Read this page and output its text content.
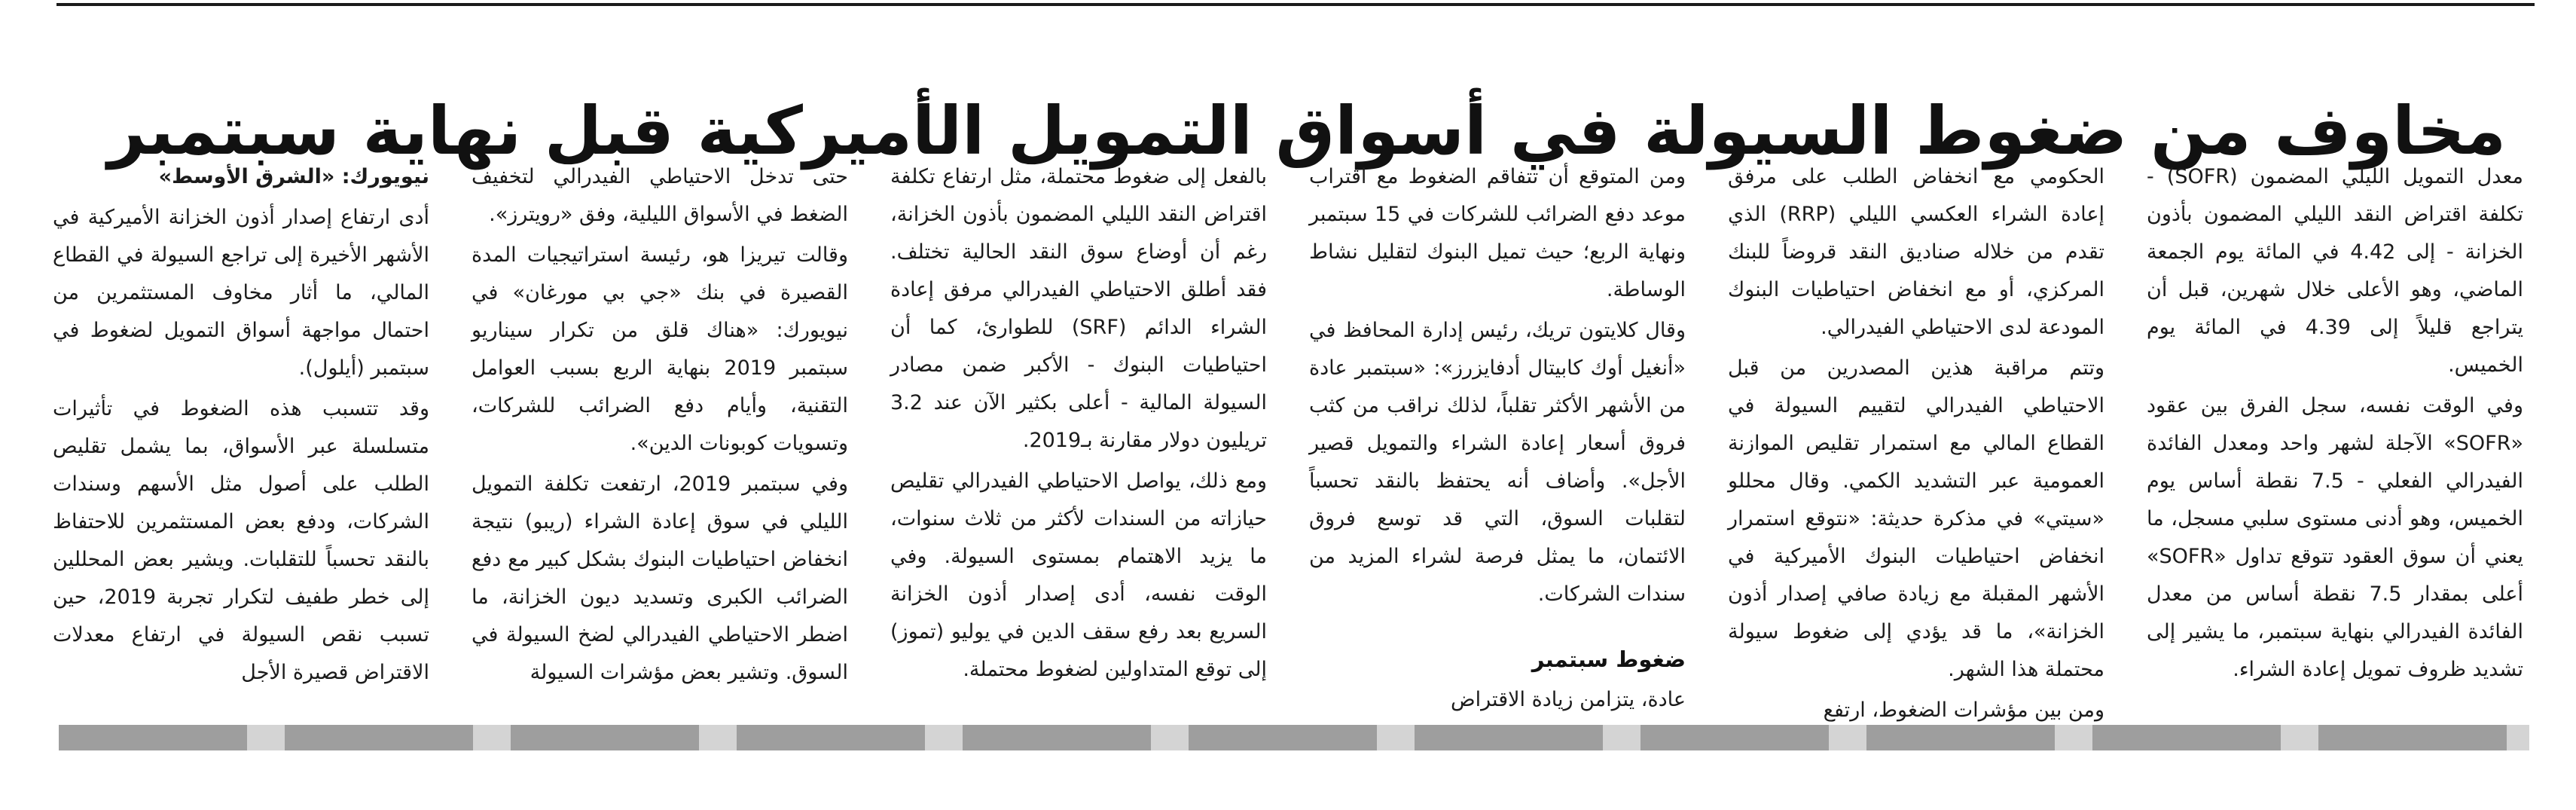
مخاوف من ضغوط السيولة في أسواق التمويل الأميركية قبل نهاية سبتمبر

نيويورك: «الشرق الأوسط»

أدى ارتفاع إصدار أذون الخزانة الأميركية في الأشهر الأخيرة إلى تراجع السيولة في القطاع المالي، ما أثار مخاوف المستثمرين من احتمال مواجهة أسواق التمويل لضغوط في سبتمبر (أيلول).

وقد تتسبب هذه الضغوط في تأثيرات متسلسلة عبر الأسواق، بما يشمل تقليص الطلب على أصول مثل الأسهم وسندات الشركات، ودفع بعض المستثمرين للاحتفاظ بالنقد تحسباً للتقلبات. ويشير بعض المحللين إلى خطر طفيف لتكرار تجربة 2019، حين تسبب نقص السيولة في ارتفاع معدلات الاقتراض قصيرة الأجل

حتى تدخل الاحتياطي الفيدرالي لتخفيف الضغط في الأسواق الليلية، وفق «رويترز».

وقالت تيريزا هو، رئيسة استراتيجيات المدة القصيرة في بنك «جي بي مورغان» في نيويورك: «هناك قلق من تكرار سيناريو سبتمبر 2019 بنهاية الربع بسبب العوامل التقنية، وأيام دفع الضرائب للشركات، وتسويات كوبونات الدين».

وفي سبتمبر 2019، ارتفعت تكلفة التمويل الليلي في سوق إعادة الشراء (ريبو) نتيجة انخفاض احتياطيات البنوك بشكل كبير مع دفع الضرائب الكبرى وتسديد ديون الخزانة، ما اضطر الاحتياطي الفيدرالي لضخ السيولة في السوق. وتشير بعض مؤشرات السيولة

بالفعل إلى ضغوط محتملة، مثل ارتفاع تكلفة اقتراض النقد الليلي المضمون بأذون الخزانة، رغم أن أوضاع سوق النقد الحالية تختلف. فقد أطلق الاحتياطي الفيدرالي مرفق إعادة الشراء الدائم (SRF) للطوارئ، كما أن احتياطيات البنوك - الأكبر ضمن مصادر السيولة المالية - أعلى بكثير الآن عند 3.2 تريليون دولار مقارنة بـ2019.

ومع ذلك، يواصل الاحتياطي الفيدرالي تقليص حيازاته من السندات لأكثر من ثلاث سنوات، ما يزيد الاهتمام بمستوى السيولة. وفي الوقت نفسه، أدى إصدار أذون الخزانة السريع بعد رفع سقف الدين في يوليو (تموز) إلى توقع المتداولين لضغوط محتملة.

ومن المتوقع أن تتفاقم الضغوط مع اقتراب موعد دفع الضرائب للشركات في 15 سبتمبر ونهاية الربع؛ حيث تميل البنوك لتقليل نشاط الوساطة.

وقال كلايتون تريك، رئيس إدارة المحافظ في «أنغيل أوك كابيتال أدفايزرز»: «سبتمبر عادة من الأشهر الأكثر تقلباً، لذلك نراقب من كثب فروق أسعار إعادة الشراء والتمويل قصير الأجل». وأضاف أنه يحتفظ بالنقد تحسباً لتقلبات السوق، التي قد توسع فروق الائتمان، ما يمثل فرصة لشراء المزيد من سندات الشركات.

ضغوط سبتمبر

عادة، يتزامن زيادة الاقتراض

الحكومي مع انخفاض الطلب على مرفق إعادة الشراء العكسي الليلي (RRP) الذي تقدم من خلاله صناديق النقد قروضاً للبنك المركزي، أو مع انخفاض احتياطيات البنوك المودعة لدى الاحتياطي الفيدرالي.

وتتم مراقبة هذين المصدرين من قبل الاحتياطي الفيدرالي لتقييم السيولة في القطاع المالي مع استمرار تقليص الموازنة العمومية عبر التشديد الكمي. وقال محللو «سيتي» في مذكرة حديثة: «نتوقع استمرار انخفاض احتياطيات البنوك الأميركية في الأشهر المقبلة مع زيادة صافي إصدار أذون الخزانة»، ما قد يؤدي إلى ضغوط سيولة محتملة هذا الشهر.

ومن بين مؤشرات الضغوط، ارتفع

معدل التمويل الليلي المضمون (SOFR) - تكلفة اقتراض النقد الليلي المضمون بأذون الخزانة - إلى 4.42 في المائة يوم الجمعة الماضي، وهو الأعلى خلال شهرين، قبل أن يتراجع قليلاً إلى 4.39 في المائة يوم الخميس.

وفي الوقت نفسه، سجل الفرق بين عقود «SOFR» الآجلة لشهر واحد ومعدل الفائدة الفيدرالي الفعلي - 7.5 نقطة أساس يوم الخميس، وهو أدنى مستوى سلبي مسجل، ما يعني أن سوق العقود تتوقع تداول «SOFR» أعلى بمقدار 7.5 نقطة أساس من معدل الفائدة الفيدرالي بنهاية سبتمبر، ما يشير إلى تشديد ظروف تمويل إعادة الشراء.
